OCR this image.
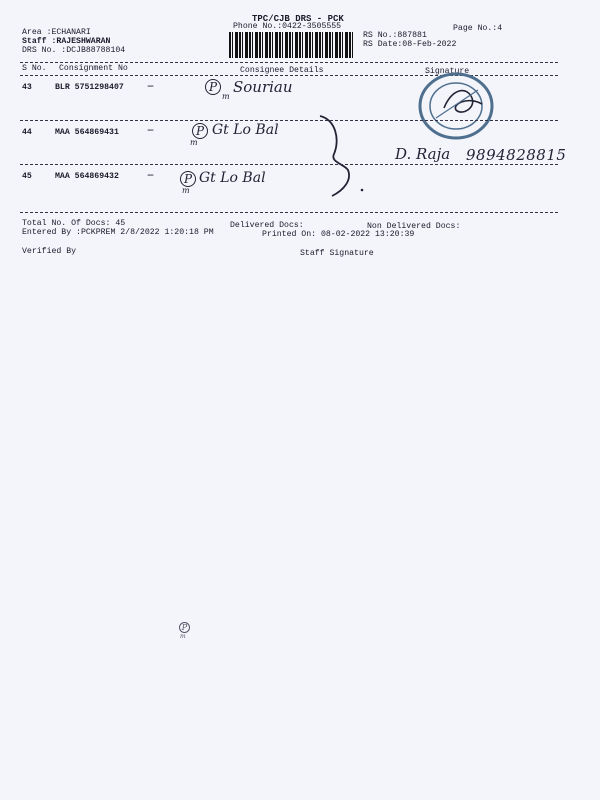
TPC/CJB DRS - PCK
Phone No.:0422-3505555	Page No.:4
Area :ECHANARI
Staff :RAJESHWARAN
DRS No. :DCJB88788104
RS No.:887881
RS Date:08-Feb-2022
S No. Consignment No	Consignee Details	Signature
43	BLR 5751298407 –	P
m
Souriau
44	MAA 564869431 –	P
m
Gt Lo Bal
D. Raja 9894828815
45	MAA 564869432 –	P
m
Gt Lo Bal
Total No. Of Docs: 45	Delivered Docs:	Non Delivered Docs:
Entered By :PCKPREM 2/8/2022 1:20:18 PM	Printed On: 08-02-2022 13:20:39
Verified By	Staff Signature
P
m
